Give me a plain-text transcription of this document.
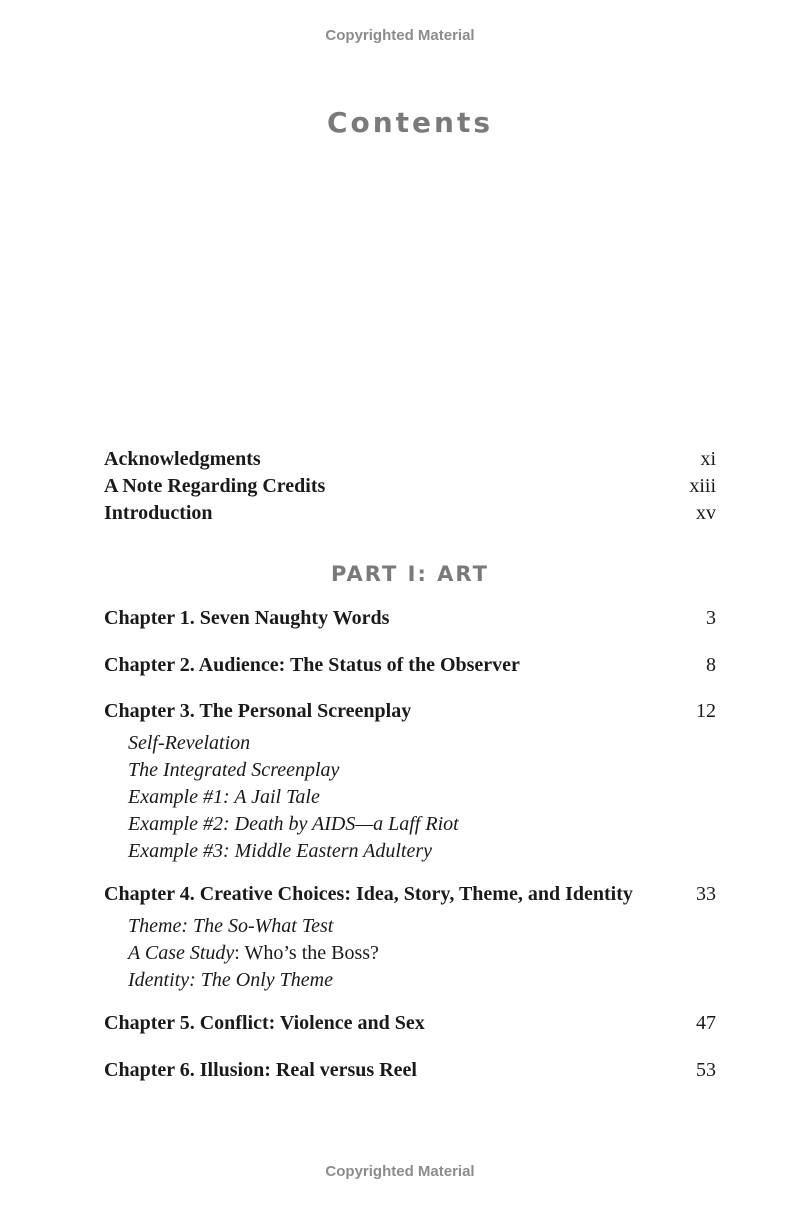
Copyrighted Material
Contents
Acknowledgments	xi
A Note Regarding Credits	xiii
Introduction	xv
PART I: ART
Chapter 1. Seven Naughty Words	3
Chapter 2. Audience: The Status of the Observer	8
Chapter 3. The Personal Screenplay	12
Self-Revelation
The Integrated Screenplay
Example #1: A Jail Tale
Example #2: Death by AIDS—a Laff Riot
Example #3: Middle Eastern Adultery
Chapter 4. Creative Choices: Idea, Story, Theme, and Identity	33
Theme: The So-What Test
A Case Study: Who’s the Boss?
Identity: The Only Theme
Chapter 5. Conflict: Violence and Sex	47
Chapter 6. Illusion: Real versus Reel	53
Copyrighted Material
